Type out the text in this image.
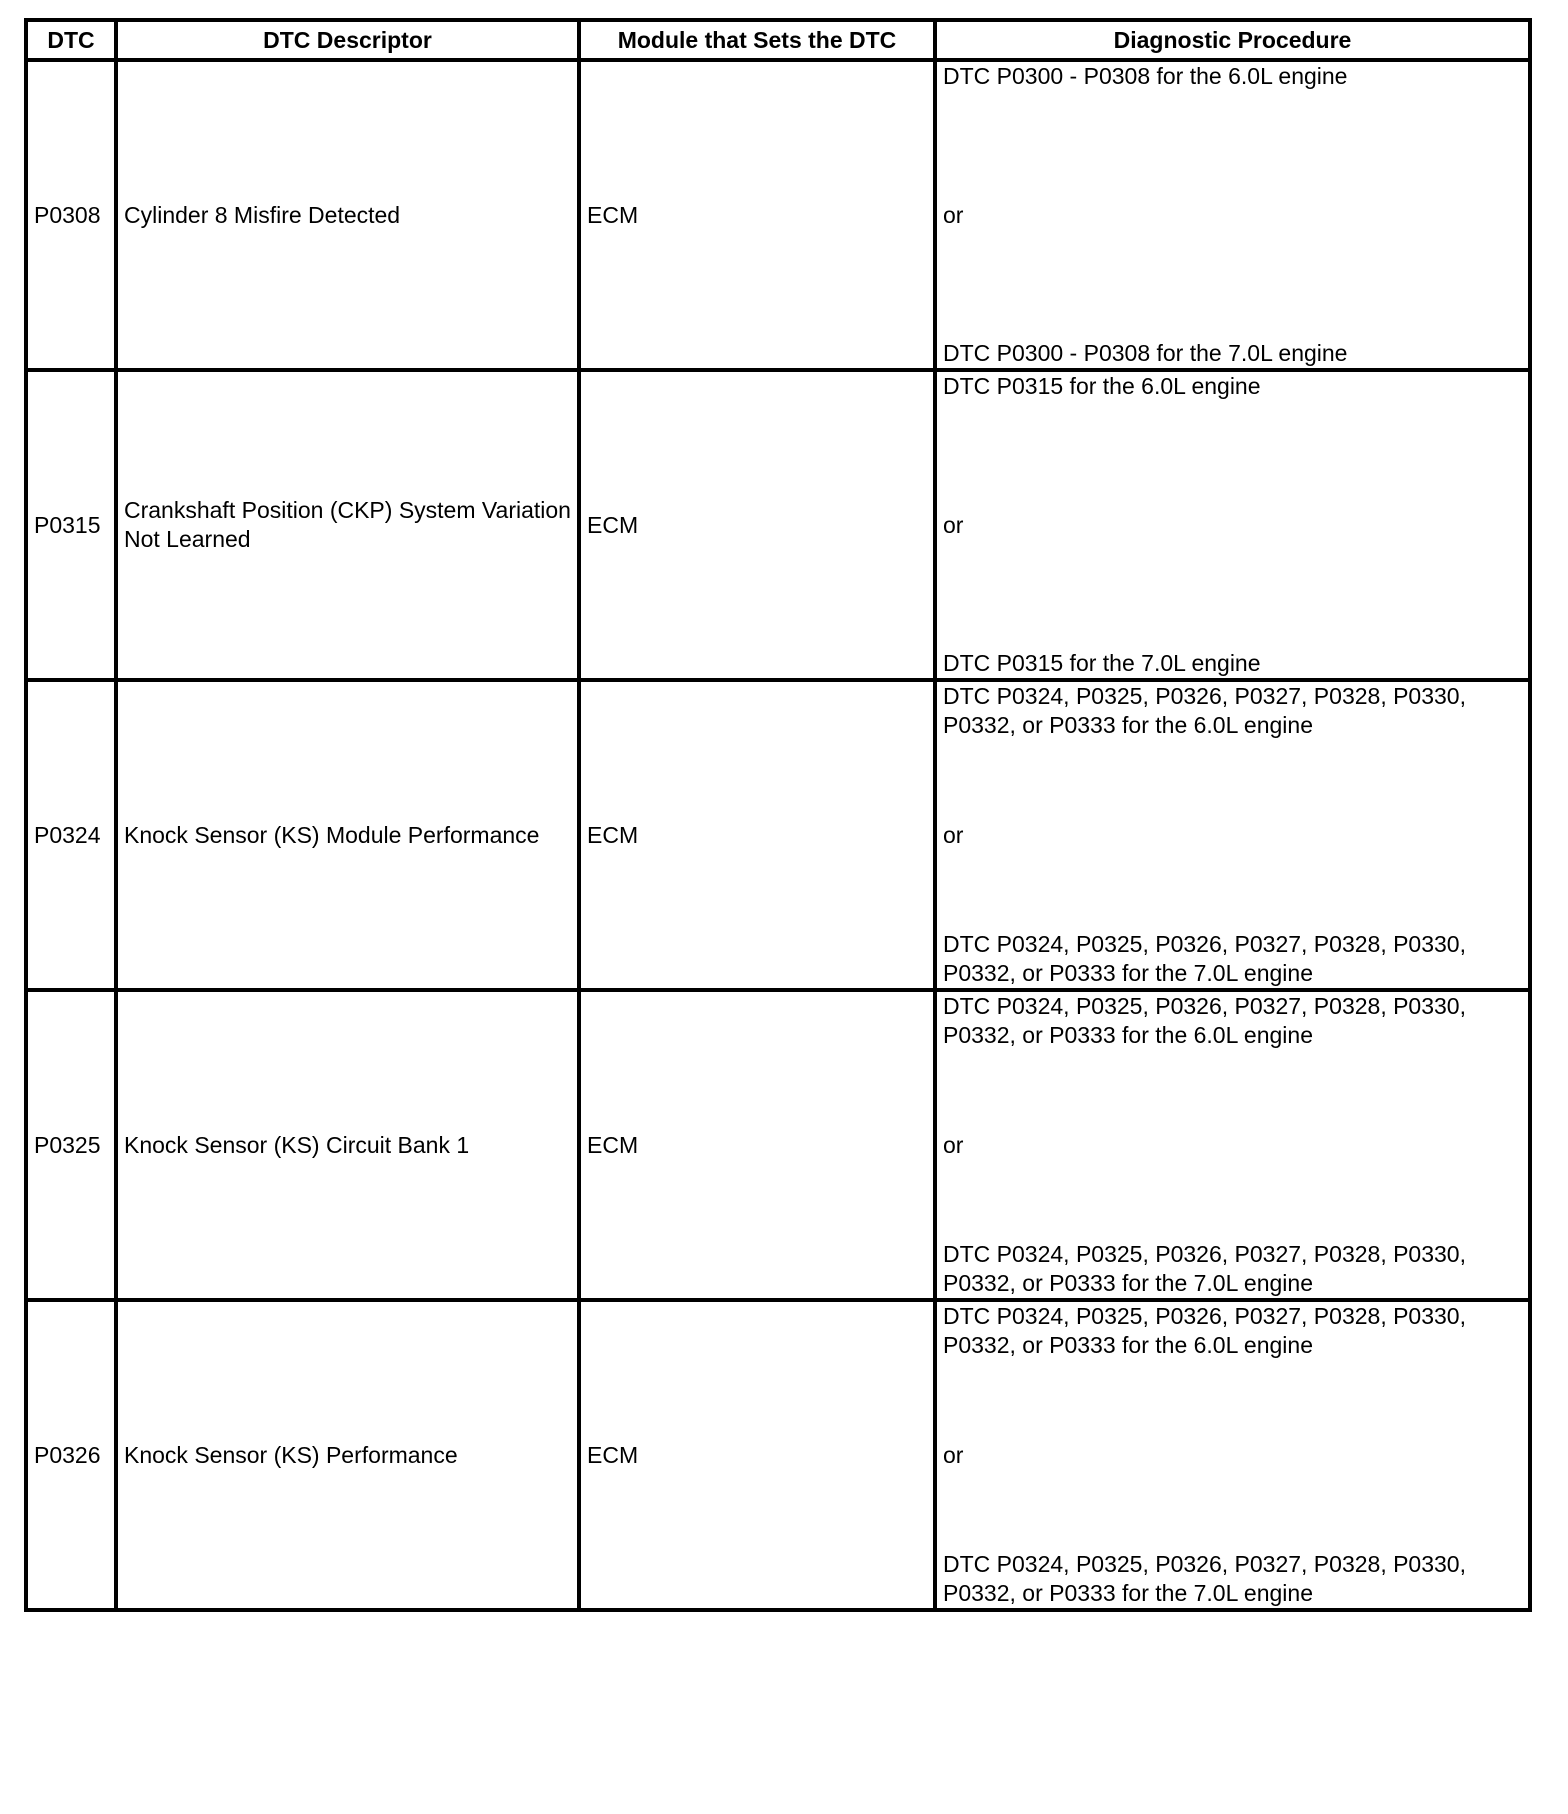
DTC	DTC Descriptor	Module that Sets the DTC	Diagnostic Procedure
P0308	Cylinder 8 Misfire Detected	ECM	DTC P0300 - P0308 for the 6.0L engine
or
DTC P0300 - P0308 for the 7.0L engine

P0315	Crankshaft Position (CKP) System Variation Not Learned	ECM	DTC P0315 for the 6.0L engine
or
DTC P0315 for the 7.0L engine

P0324	Knock Sensor (KS) Module Performance	ECM	DTC P0324, P0325, P0326, P0327, P0328, P0330, P0332, or P0333 for the 6.0L engine
or
DTC P0324, P0325, P0326, P0327, P0328, P0330, P0332, or P0333 for the 7.0L engine

P0325	Knock Sensor (KS) Circuit Bank 1	ECM	DTC P0324, P0325, P0326, P0327, P0328, P0330, P0332, or P0333 for the 6.0L engine
or
DTC P0324, P0325, P0326, P0327, P0328, P0330, P0332, or P0333 for the 7.0L engine

P0326	Knock Sensor (KS) Performance	ECM	DTC P0324, P0325, P0326, P0327, P0328, P0330, P0332, or P0333 for the 6.0L engine
or
DTC P0324, P0325, P0326, P0327, P0328, P0330, P0332, or P0333 for the 7.0L engine
